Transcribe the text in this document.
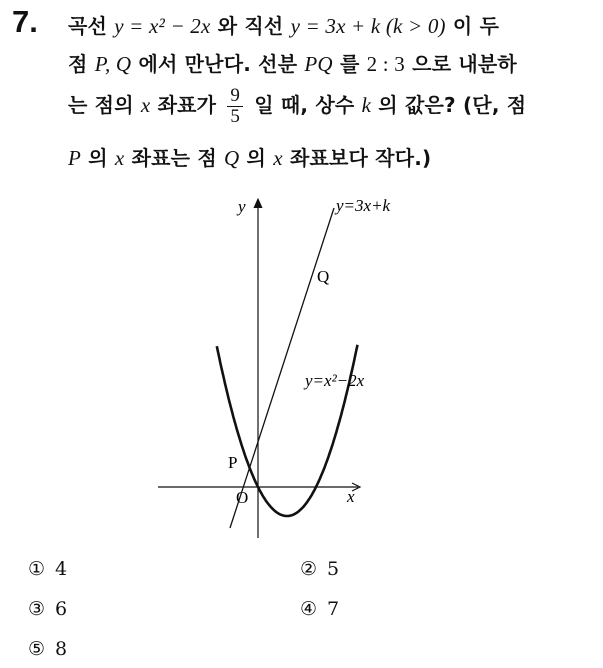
7. 곡선 y = x² − 2x 와 직선 y = 3x + k (k > 0) 이 두
점 P, Q 에서 만난다. 선분 PQ 를 2 : 3 으로 내분하
는 점의 x 좌표가 $\frac{9}{5}$ 일 때, 상수 k 의 값은? (단, 점
P 의 x 좌표는 점 Q 의 x 좌표보다 작다.)
y
x
O
P
Q
y=3x+k
y=x²−2x
① 4	② 5
③ 6	④ 7
⑤ 8
